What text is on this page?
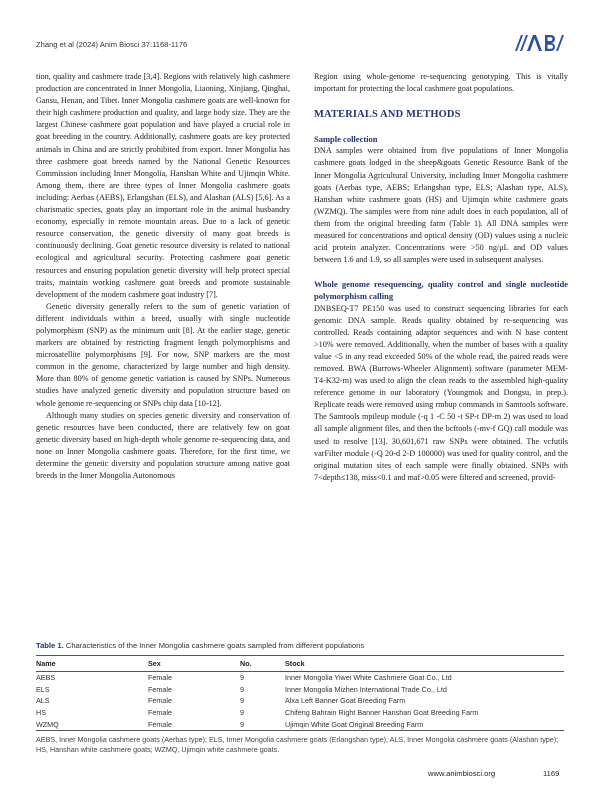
Zhang et al (2024) Anim Biosci 37:1168-1176

tion, quality and cashmere trade [3,4]. Regions with relatively high cashmere production are concentrated in Inner Mongolia, Liaoning, Xinjiang, Qinghai, Gansu, Henan, and Tibet. Inner Mongolia cashmere goats are well-known for their high cashmere production and quality, and large body size. They are the largest Chinese cashmere goat population and have played a crucial role in goat breeding in the country. Additionally, cashmere goats are key protected animals in China and are strictly prohibited from export. Inner Mongolia has three cashmere goat breeds named by the National Genetic Resources Commission including Inner Mongolia, Hanshan White and Ujimqin White. Among them, there are three types of Inner Mongolia cashmere goats including: Aerbas (AEBS), Erlangshan (ELS), and Alashan (ALS) [5,6]. As a charismatic species, goats play an important role in the animal husbandry economy, especially in remote mountain areas. Due to a lack of genetic resource conservation, the genetic diversity of many goat breeds is continuously declining. Goat genetic resource diversity is related to national ecological and agricultural security. Protecting cashmere goat genetic resources and ensuring population genetic diversity will help protect special traits, maintain working cashmere goat breeds and promote sustainable development of the modern cashmere goat industry [7].

Genetic diversity generally refers to the sum of genetic variation of different individuals within a breed, usually with single nucleotide polymorphism (SNP) as the minimum unit [8]. At the earlier stage, genetic markers are obtained by restricting fragment length polymorphisms and microsatellite polymorphisms [9]. For now, SNP markers are the most common in the genome, characterized by large number and high density. More than 80% of genome genetic variation is caused by SNPs. Numerous studies have analyzed genetic diversity and population structure based on whole genome re-sequencing or SNPs chip data [10-12].

Although many studies on species genetic diversity and conservation of genetic resources have been conducted, there are relatively few on goat genetic diversity based on high-depth whole genome re-sequencing data, and none on Inner Mongolia cashmere goats. Therefore, for the first time, we determine the genetic diversity and population structure among native goat breeds in the Inner Mongolia Autonomous

Region using whole-genome re-sequencing genotyping. This is vitally important for protecting the local cashmere goat populations.

MATERIALS AND METHODS
Sample collection

DNA samples were obtained from five populations of Inner Mongolia cashmere goats lodged in the sheep&goats Genetic Resource Bank of the Inner Mongolia Agricultural University, including Inner Mongolia cashmere goats (Aerbas type, AEBS; Erlangshan type, ELS; Alashan type, ALS), Hanshan white cashmere goats (HS) and Ujimqin white cashmere goats (WZMQ). The samples were from nine adult does in each population, all of them from the original breeding farm (Table 1). All DNA samples were measured for concentrations and optical density (OD) values using a nucleic acid protein analyzer. Concentrations were >50 ng/μL and OD values between 1.6 and 1.9, so all samples were used in subsequent analyses.

Whole genome resequencing, quality control and single nucleotide polymorphism calling

DNBSEQ-T7 PE150 was used to construct sequencing libraries for each genomic DNA sample. Reads quality obtained by re-sequencing was controlled. Reads containing adaptor sequences and with N base content >10% were removed. Additionally, when the number of bases with a quality value <5 in any read exceeded 50% of the whole read, the paired reads were removed. BWA (Burrows-Wheeler Alignment) software (parameter MEM-T4-K32-m) was used to align the clean reads to the assembled high-quality reference genome in our laboratory (Youngmok and Dongsu, in prep.). Replicate reads were removed using rmbup commands in Samtools software. The Samtools mpileup module (-q 1 -C 50 -t SP-t DP-m 2) was used to load all sample alignment files, and then the bcftools (-mv-f GQ) call module was used to resolve [13]. 30,601,671 raw SNPs were obtained. The vcfutils varFilter module (-Q 20-d 2-D 100000) was used for quality control, and the original mutation sites of each sample were finally obtained. SNPs with 7<depth≤138, miss<0.1 and maf>0.05 were filtered and screened, provid-

Table 1. Characteristics of the Inner Mongolia cashmere goats sampled from different populations
Name	Sex	No.	Stock
AEBS	Female	9	Inner Mongolia Yiwei White Cashmere Goat Co., Ltd
ELS	Female	9	Inner Mongolia Mizhen International Trade Co., Ltd
ALS	Female	9	Alxa Left Banner Goat Breeding Farm
HS	Female	9	Chifeng Bahrain Right Banner Hanshan Goat Breeding Farm
WZMQ	Female	9	Ujimqin White Goat Original Breeding Farm
AEBS, Inner Mongolia cashmere goats (Aerbas type); ELS, Inner Mongolia cashmere goats (Erlangshan type); ALS, Inner Mongolia cashmere goats (Alashan type); HS, Hanshan white cashmere goats; WZMQ, Ujimqin white cashmere goats.
www.animbiosci.org	1169
